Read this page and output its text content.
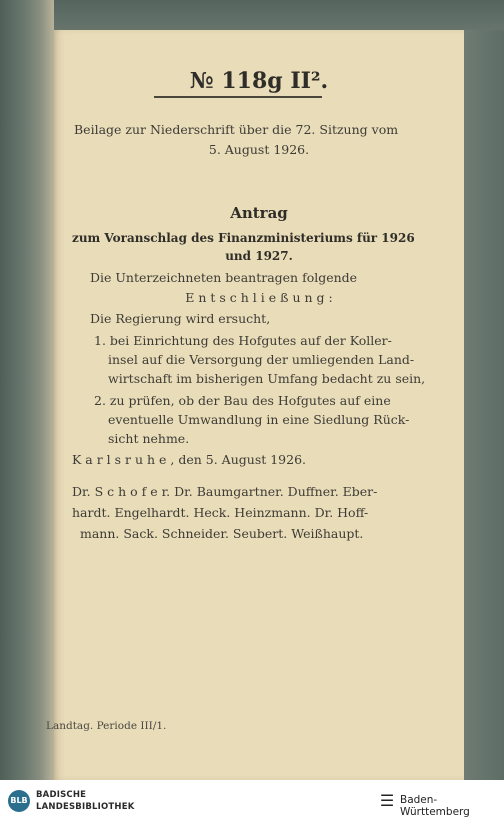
№ 118g II².
Beilage zur Niederschrift über die 72. Sitzung vom
5. August 1926.
Antrag
zum Voranschlag des Finanzministeriums für 1926
und 1927.
Die Unterzeichneten beantragen folgende
E n t s c h l i e ß u n g :
Die Regierung wird ersucht,
1. bei Einrichtung des Hofgutes auf der Koller-
insel auf die Versorgung der umliegenden Land-
wirtschaft im bisherigen Umfang bedacht zu sein,
2. zu prüfen, ob der Bau des Hofgutes auf eine
eventuelle Umwandlung in eine Siedlung Rück-
sicht nehme.
K a r l s r u h e , den 5. August 1926.
Dr. S c h o f e r. Dr. Baumgartner. Duffner. Eber-
hardt. Engelhardt. Heck. Heinzmann. Dr. Hoff-
mann. Sack. Schneider. Seubert. Weißhaupt.
Landtag. Periode III/1.
BLB
BADISCHE
LANDESBIBLIOTHEK	☰ Baden-Württemberg
